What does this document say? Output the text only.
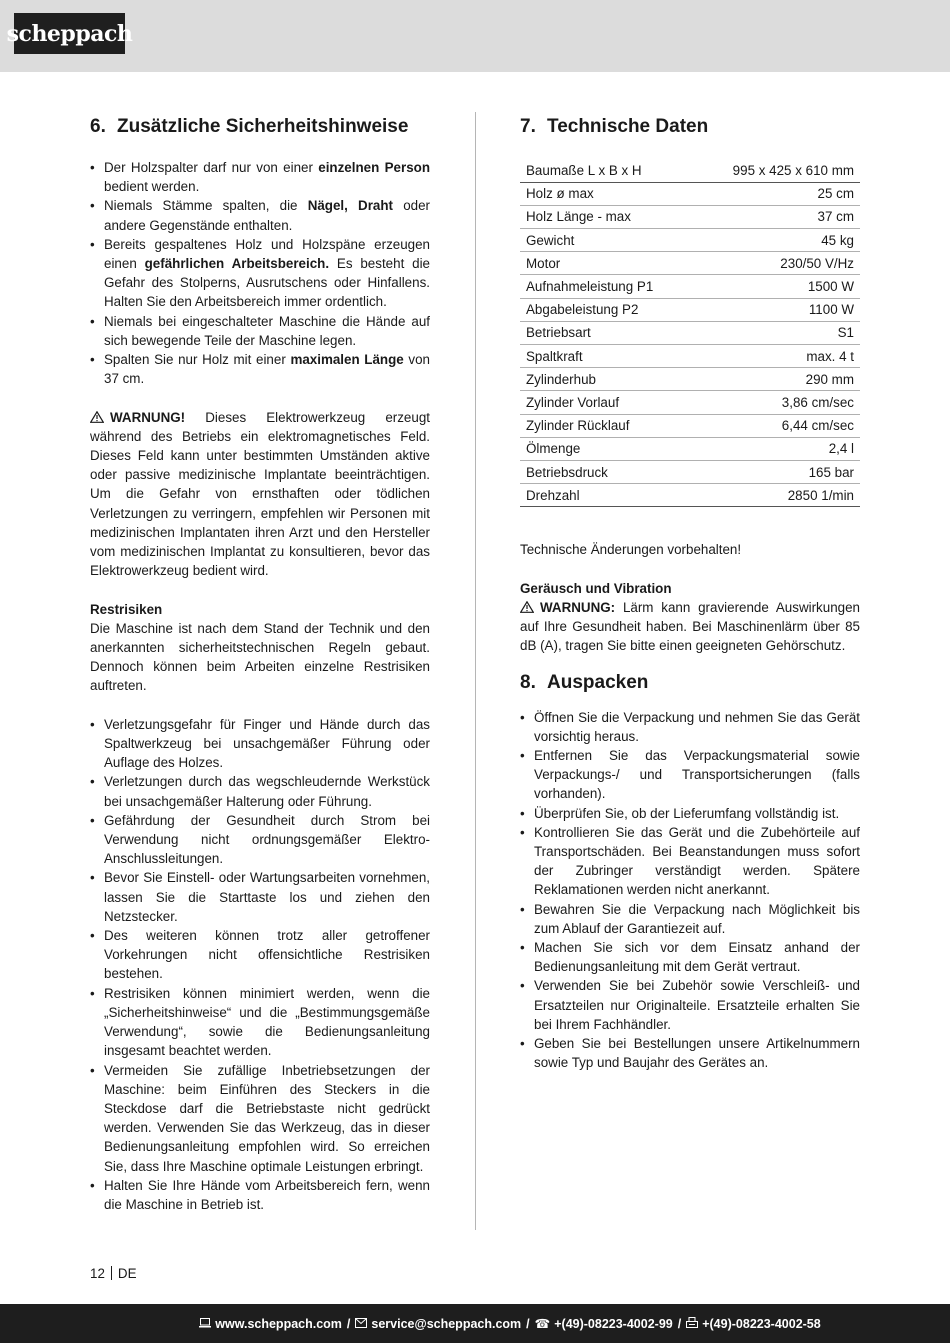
scheppach
6. Zusätzliche Sicherheitshinweise
• Der Holzspalter darf nur von einer einzelnen Person bedient werden.
• Niemals Stämme spalten, die Nägel, Draht oder andere Gegenstände enthalten.
• Bereits gespaltenes Holz und Holzspäne erzeugen einen gefährlichen Arbeitsbereich. Es besteht die Gefahr des Stolperns, Ausrutschens oder Hinfallens. Halten Sie den Arbeitsbereich immer ordentlich.
• Niemals bei eingeschalteter Maschine die Hände auf sich bewegende Teile der Maschine legen.
• Spalten Sie nur Holz mit einer maximalen Länge von 37 cm.

WARNUNG! Dieses Elektrowerkzeug erzeugt während des Betriebs ein elektromagnetisches Feld. Dieses Feld kann unter bestimmten Umständen aktive oder passive medizinische Implantate beeinträchtigen. Um die Gefahr von ernsthaften oder tödlichen Verletzungen zu verringern, empfehlen wir Personen mit medizinischen Implantaten ihren Arzt und den Hersteller vom medizinischen Implantat zu konsultieren, bevor das Elektrowerkzeug bedient wird.

Restrisiken

Die Maschine ist nach dem Stand der Technik und den anerkannten sicherheitstechnischen Regeln gebaut. Dennoch können beim Arbeiten einzelne Restrisiken auftreten.

• Verletzungsgefahr für Finger und Hände durch das Spaltwerkzeug bei unsachgemäßer Führung oder Auflage des Holzes.
• Verletzungen durch das wegschleudernde Werkstück bei unsachgemäßer Halterung oder Führung.
• Gefährdung der Gesundheit durch Strom bei Verwendung nicht ordnungsgemäßer Elektro-Anschlussleitungen.
• Bevor Sie Einstell- oder Wartungsarbeiten vornehmen, lassen Sie die Starttaste los und ziehen den Netzstecker.
• Des weiteren können trotz aller getroffener Vorkehrungen nicht offensichtliche Restrisiken bestehen.
• Restrisiken können minimiert werden, wenn die „Sicherheitshinweise“ und die „Bestimmungsgemäße Verwendung“, sowie die Bedienungsanleitung insgesamt beachtet werden.
• Vermeiden Sie zufällige Inbetriebsetzungen der Maschine: beim Einführen des Steckers in die Steckdose darf die Betriebstaste nicht gedrückt werden. Verwenden Sie das Werkzeug, das in dieser Bedienungsanleitung empfohlen wird. So erreichen Sie, dass Ihre Maschine optimale Leistungen erbringt.
• Halten Sie Ihre Hände vom Arbeitsbereich fern, wenn die Maschine in Betrieb ist.
7. Technische Daten
Baumaße L x B x H	995 x 425 x 610 mm
Holz ø max	25 cm
Holz Länge - max	37 cm
Gewicht	45 kg
Motor	230/50 V/Hz
Aufnahmeleistung P1	1500 W
Abgabeleistung P2	1100 W
Betriebsart	S1
Spaltkraft	max. 4 t
Zylinderhub	290 mm
Zylinder Vorlauf	3,86 cm/sec
Zylinder Rücklauf	6,44 cm/sec
Ölmenge	2,4 l
Betriebsdruck	165 bar
Drehzahl	2850 1/min

Technische Änderungen vorbehalten!

Geräusch und Vibration

WARNUNG: Lärm kann gravierende Auswirkungen auf Ihre Gesundheit haben. Bei Maschinenlärm über 85 dB (A), tragen Sie bitte einen geeigneten Gehörschutz.

8. Auspacken
• Öffnen Sie die Verpackung und nehmen Sie das Gerät vorsichtig heraus.
• Entfernen Sie das Verpackungsmaterial sowie Verpackungs-/ und Transportsicherungen (falls vorhanden).
• Überprüfen Sie, ob der Lieferumfang vollständig ist.
• Kontrollieren Sie das Gerät und die Zubehörteile auf Transportschäden. Bei Beanstandungen muss sofort der Zubringer verständigt werden. Spätere Reklamationen werden nicht anerkannt.
• Bewahren Sie die Verpackung nach Möglichkeit bis zum Ablauf der Garantiezeit auf.
• Machen Sie sich vor dem Einsatz anhand der Bedienungsanleitung mit dem Gerät vertraut.
• Verwenden Sie bei Zubehör sowie Verschleiß- und Ersatzteilen nur Originalteile. Ersatzteile erhalten Sie bei Ihrem Fachhändler.
• Geben Sie bei Bestellungen unsere Artikelnummern sowie Typ und Baujahr des Gerätes an.
12 DE
www.scheppach.com / service@scheppach.com / ☎ +(49)-08223-4002-99 / +(49)-08223-4002-58
